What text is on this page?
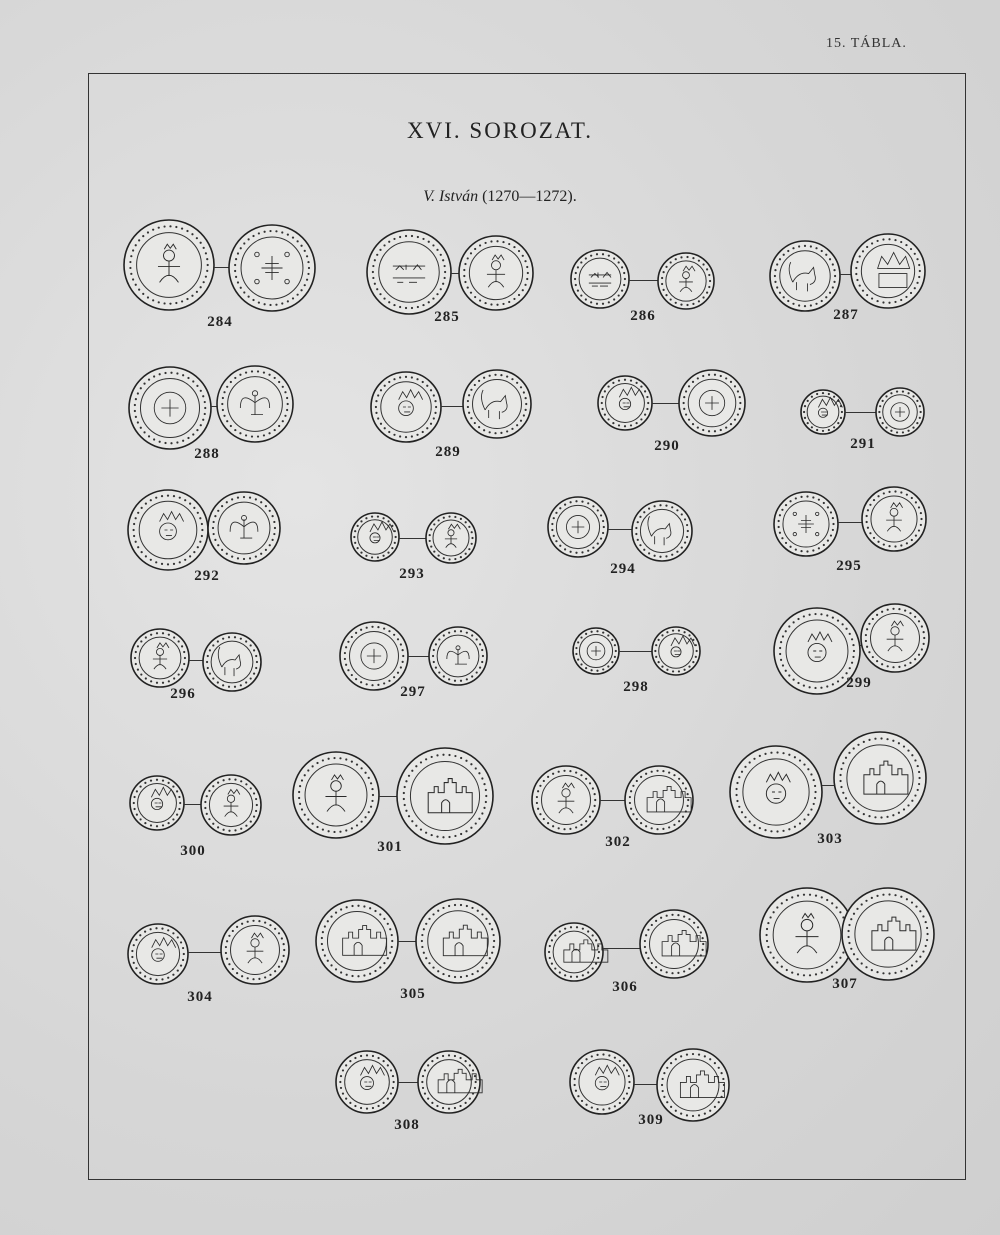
15. TÁBLA.
XVI. SOROZAT.
V. István (1270—1272).
284	285	286	287
288	289	290	291
292	293	294	295
296	297	298	299
300	301	302	303
304	305	306	307
308	309
